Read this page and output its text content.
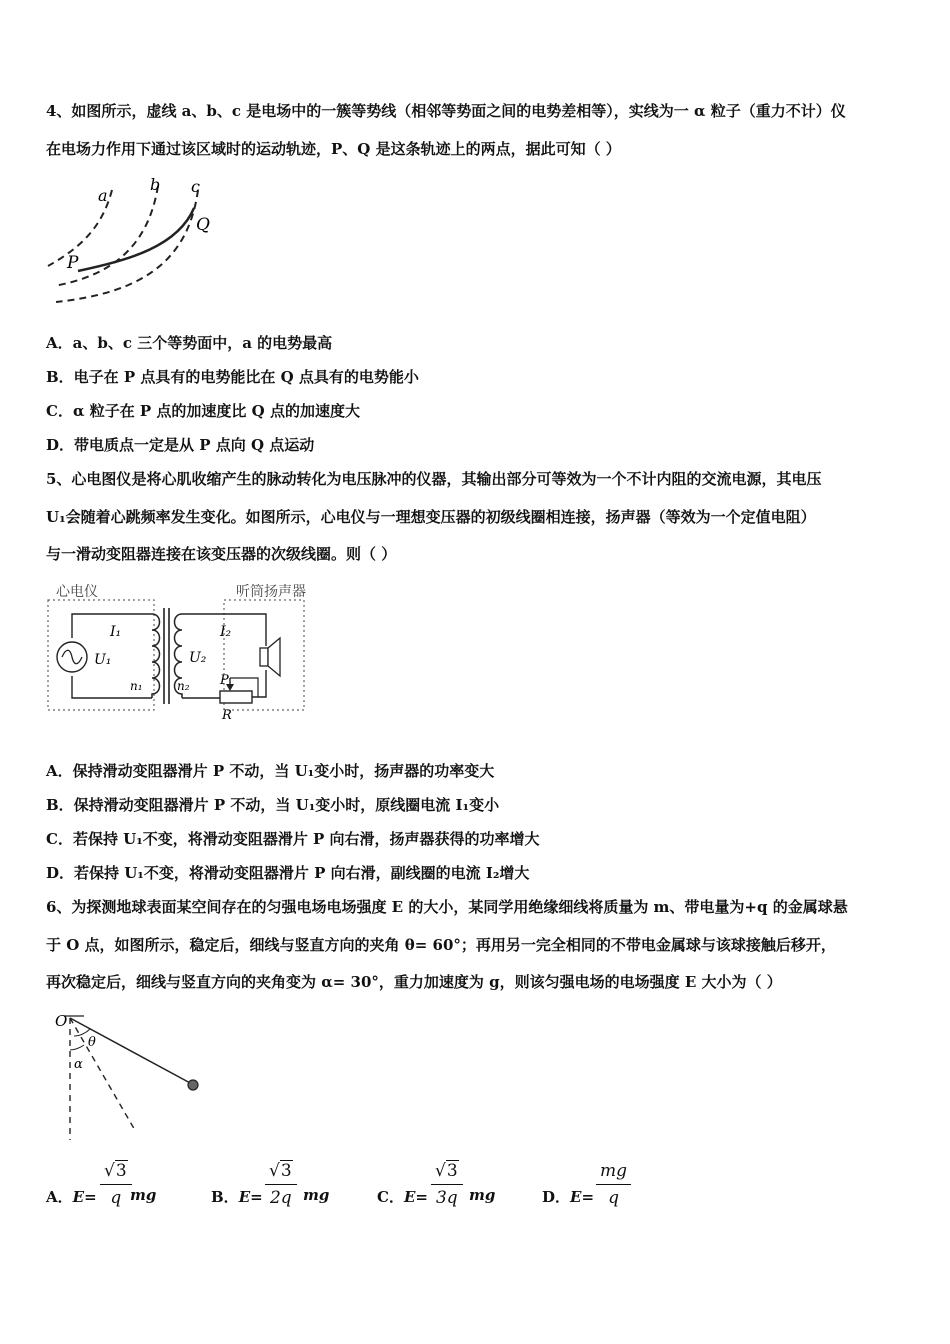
4、如图所示，虚线 a、b、c 是电场中的一簇等势线（相邻等势面之间的电势差相等），实线为一 α 粒子（重力不计）仪
在电场力作用下通过该区域时的运动轨迹，P、Q 是这条轨迹上的两点，据此可知（ ）
a
b c
P
Q
A．a、b、c 三个等势面中，a 的电势最高
B．电子在 P 点具有的电势能比在 Q 点具有的电势能小
C．α 粒子在 P 点的加速度比 Q 点的加速度大
D．带电质点一定是从 P 点向 Q 点运动
5、心电图仪是将心肌收缩产生的脉动转化为电压脉冲的仪器，其输出部分可等效为一个不计内阻的交流电源，其电压
U₁会随着心跳频率发生变化。如图所示，心电仪与一理想变压器的初级线圈相连接，扬声器（等效为一个定值电阻）
与一滑动变阻器连接在该变压器的次级线圈。则（ ）
心电仪	听筒扬声器
I₁
U₁
n₁	n₂
U₂
I₂
P
R
A．保持滑动变阻器滑片 P 不动，当 U₁变小时，扬声器的功率变大
B．保持滑动变阻器滑片 P 不动，当 U₁变小时，原线圈电流 I₁变小
C．若保持 U₁不变，将滑动变阻器滑片 P 向右滑，扬声器获得的功率增大
D．若保持 U₁不变，将滑动变阻器滑片 P 向右滑，副线圈的电流 I₂增大
6、为探测地球表面某空间存在的匀强电场电场强度 E 的大小，某同学用绝缘细线将质量为 m、带电量为+q 的金属球悬
于 O 点，如图所示，稳定后，细线与竖直方向的夹角 θ= 60°；再用另一完全相同的不带电金属球与该球接触后移开，
再次稳定后，细线与竖直方向的夹角变为 α= 30°，重力加速度为 g，则该匀强电场的电场强度 E 大小为（ ）
O
θ
α
A．E=
√3
q mg	B．E=
√3
2q mg	C．E=
√3
3q mg	D．E=
mg
q
